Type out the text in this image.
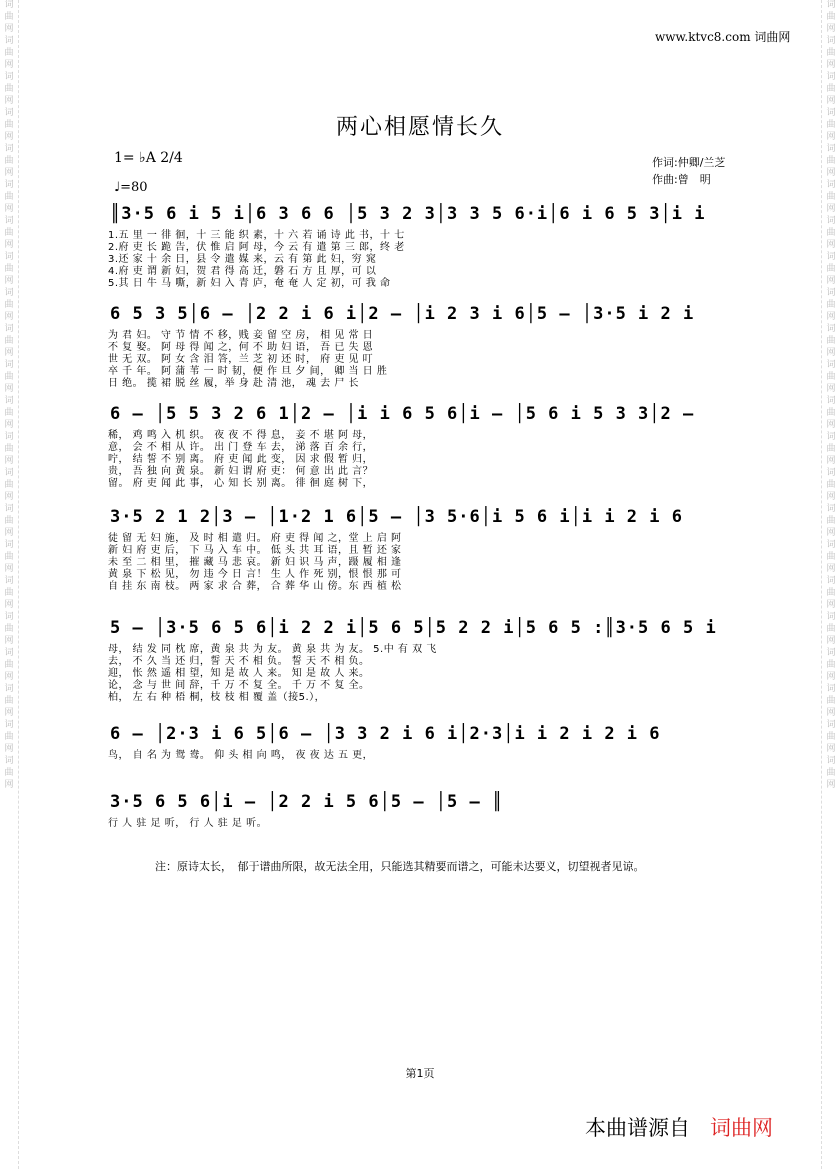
词
曲
网
词
曲
网
词
曲
网
词
曲
网
词
曲
网
词
曲
网
词
曲
网
词
曲
网
词
曲
网
词
曲
网
词
曲
网
词
曲
网
词
曲
网
词
曲
网
词
曲
网
词
曲
网
词
曲
网
词
曲
网
词
曲
网
词
曲
网
词
曲
网
词
曲
网
词
曲
网
词
曲
网
词
曲
网
词
曲
网
词
曲
网
词
曲
网
词
曲
网
词
曲
网
词
曲
网
词
曲
网
词
曲
网
词
曲
网
词
曲
网
词
曲
网
词
曲
网
词
曲
网
词
曲
网
词
曲
网
词
曲
网
词
曲
网
词
曲
网
词
曲
网
www.ktvc8.com 词曲网
两心相愿情长久
1= ♭A 2/4
♩=80
作词:仲卿/兰芝
作曲:曾　明
║3·5 6 i 5 i│6 3 6 6 │5 3 2 3│3 3 5 6·i│6 i 6 5 3│i i
1.五 里 一 徘 徊，十 三 能 织 素，十 六 若 诵 诗 此 书，十 七
2.府 吏 长 跪 告，伏 惟 启 阿 母，今 云 有 遣 第 三 郎，终 老
3.还 家 十 余 日，县 令 遣 媒 来，云 有 第 此 妇，穷 窕
4.府 吏 谓 新 妇，贺 君 得 高 迁，磐 石 方 且 厚，可 以
5.其 日 牛 马 嘶，新 妇 入 青 庐，奄 奄 人 定 初，可 我 命
6 5 3 5│6 — │2 2 i 6 i│2 — │i 2 3 i 6│5 — │3·5 i 2 i
为 君 妇。 守 节 情 不 移，贱 妾 留 空 房， 相 见 常 日
不 复 娶。 阿 母 得 闻 之，何 不 助 妇 语， 吾 已 失 恩
世 无 双。 阿 女 含 泪 答，兰 芝 初 还 时， 府 吏 见 叮
卒 千 年。 阿 蒲 苇 一 时 韧，便 作 旦 夕 间， 卿 当 日 胜
日 绝。 揽 裙 脱 丝 履，举 身 赴 清 池， 魂 去 尸 长
6 — │5 5 3 2 6 1│2 — │i i 6 5 6│i — │5 6 i 5 3 3│2 —
稀， 鸡 鸣 入 机 织。 夜 夜 不 得 息， 妾 不 堪 阿 母，
意， 会 不 相 从 许。 出 门 登 车 去， 涕 落 百 余 行，
咛， 结 誓 不 别 离。 府 吏 闻 此 变， 因 求 假 暂 归，
贵， 吾 独 向 黄 泉。 新 妇 谓 府 吏： 何 意 出 此 言？
留。 府 吏 闻 此 事， 心 知 长 别 离。 徘 徊 庭 树 下，
3·5 2 1 2│3 — │1·2 1 6│5 — │3 5·6│i 5 6 i│i i 2 i 6
徒 留 无 妇 施， 及 时 相 遣 归。 府 吏 得 闻 之，堂 上 启 阿
新 妇 府 吏 后， 下 马 入 车 中。 低 头 共 耳 语，且 暂 还 家
未 至 二 相 里， 摧 藏 马 悲 哀。 新 妇 识 马 声，蹑 履 相 逢
黄 泉 下 松 见， 勿 违 今 日 言！ 生 人 作 死 别，恨 恨 那 可
自 挂 东 南 枝。 两 家 求 合 葬， 合 葬 华 山 傍。东 西 植 松
5 — │3·5 6 5 6│i 2 2 i│5 6 5│5 2 2 i│5 6 5 :║3·5 6 5 i
母， 结 发 同 枕 席，黄 泉 共 为 友。 黄 泉 共 为 友。 5.中 有 双 飞
去， 不 久 当 还 归，誓 天 不 相 负。 誓 天 不 相 负。
迎， 怅 然 遥 相 望，知 是 故 人 来。 知 是 故 人 来。
论， 念 与 世 间 辞，千 万 不 复 全。 千 万 不 复 全。
柏， 左 右 种 梧 桐，枝 枝 相 覆 盖（接5.），
6 — │2·3 i 6 5│6 — │3 3 2 i 6 i│2·3│i i 2 i 2 i 6
鸟， 自 名 为 鸳 鸯。 仰 头 相 向 鸣， 夜 夜 达 五 更，
3·5 6 5 6│i — │2 2 i 5 6│5 — │5 — ║
行 人 驻 足 听， 行 人 驻 足 听。
注：原诗太长，　郁于谱曲所限，故无法全用，只能选其精要而谱之，可能未达要义，切望视者见谅。
第1页
本曲谱源自 词曲网
